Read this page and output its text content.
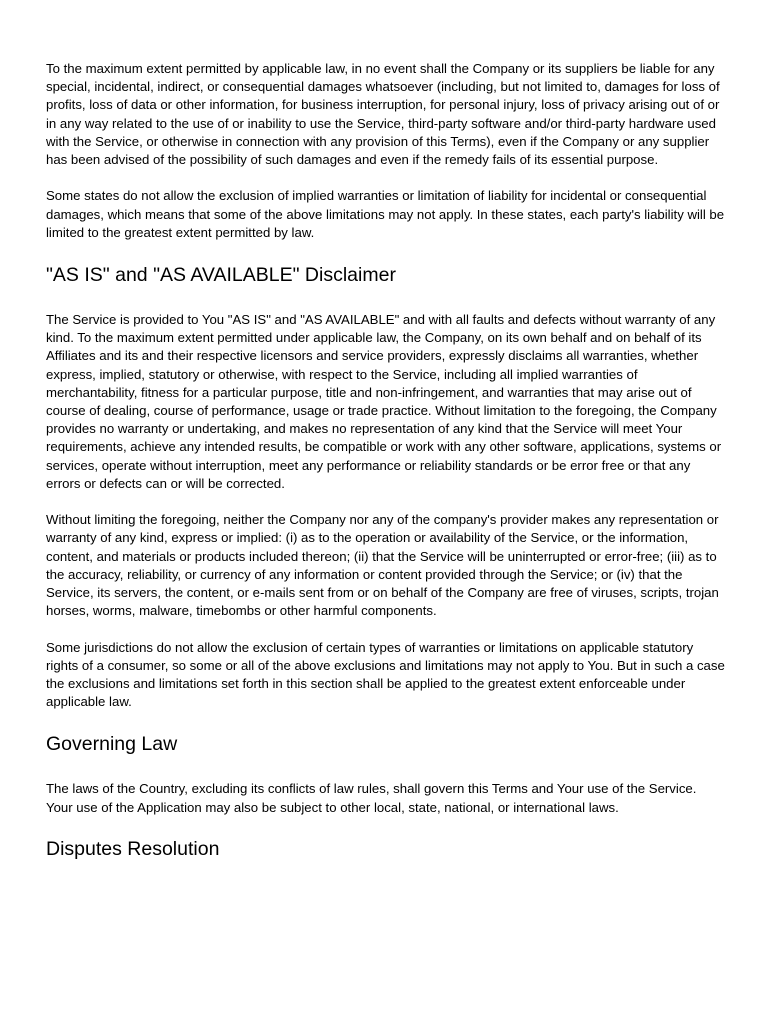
To the maximum extent permitted by applicable law, in no event shall the Company or its suppliers be liable for any special, incidental, indirect, or consequential damages whatsoever (including, but not limited to, damages for loss of profits, loss of data or other information, for business interruption, for personal injury, loss of privacy arising out of or in any way related to the use of or inability to use the Service, third-party software and/or third-party hardware used with the Service, or otherwise in connection with any provision of this Terms), even if the Company or any supplier has been advised of the possibility of such damages and even if the remedy fails of its essential purpose.

Some states do not allow the exclusion of implied warranties or limitation of liability for incidental or consequential damages, which means that some of the above limitations may not apply. In these states, each party's liability will be limited to the greatest extent permitted by law.

"AS IS" and "AS AVAILABLE" Disclaimer

The Service is provided to You "AS IS" and "AS AVAILABLE" and with all faults and defects without warranty of any kind. To the maximum extent permitted under applicable law, the Company, on its own behalf and on behalf of its Affiliates and its and their respective licensors and service providers, expressly disclaims all warranties, whether express, implied, statutory or otherwise, with respect to the Service, including all implied warranties of merchantability, fitness for a particular purpose, title and non-infringement, and warranties that may arise out of course of dealing, course of performance, usage or trade practice. Without limitation to the foregoing, the Company provides no warranty or undertaking, and makes no representation of any kind that the Service will meet Your requirements, achieve any intended results, be compatible or work with any other software, applications, systems or services, operate without interruption, meet any performance or reliability standards or be error free or that any errors or defects can or will be corrected.

Without limiting the foregoing, neither the Company nor any of the company's provider makes any representation or warranty of any kind, express or implied: (i) as to the operation or availability of the Service, or the information, content, and materials or products included thereon; (ii) that the Service will be uninterrupted or error-free; (iii) as to the accuracy, reliability, or currency of any information or content provided through the Service; or (iv) that the Service, its servers, the content, or e-mails sent from or on behalf of the Company are free of viruses, scripts, trojan horses, worms, malware, timebombs or other harmful components.

Some jurisdictions do not allow the exclusion of certain types of warranties or limitations on applicable statutory rights of a consumer, so some or all of the above exclusions and limitations may not apply to You. But in such a case the exclusions and limitations set forth in this section shall be applied to the greatest extent enforceable under applicable law.

Governing Law

The laws of the Country, excluding its conflicts of law rules, shall govern this Terms and Your use of the Service. Your use of the Application may also be subject to other local, state, national, or international laws.

Disputes Resolution
